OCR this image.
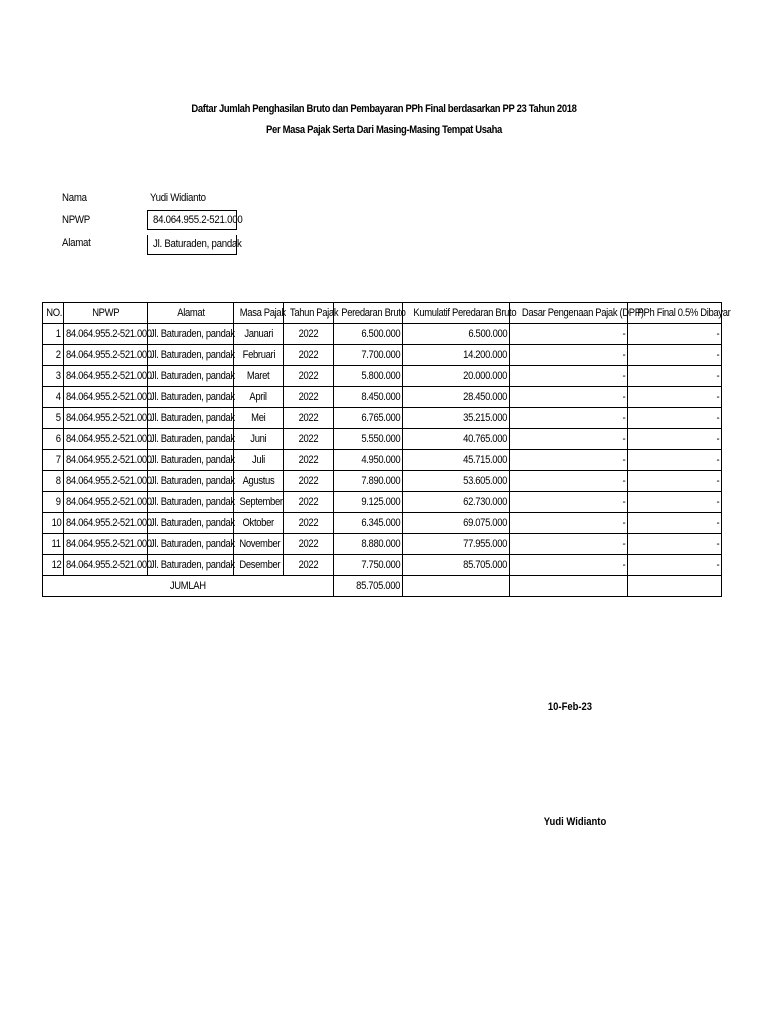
Daftar Jumlah Penghasilan Bruto dan Pembayaran PPh Final berdasarkan PP 23 Tahun 2018
Per Masa Pajak Serta Dari Masing-Masing Tempat Usaha
Nama	Yudi Widianto
NPWP	84.064.955.2-521.000
Alamat	Jl. Baturaden, pandak
NO.	NPWP	Alamat	Masa Pajak	Tahun Pajak	Peredaran Bruto	Kumulatif Peredaran Bruto	Dasar Pengenaan Pajak (DPP)	PPh Final 0.5% Dibayar
1	84.064.955.2-521.000	Jl. Baturaden, pandak	Januari	2022	6.500.000	6.500.000	-	-
2	84.064.955.2-521.000	Jl. Baturaden, pandak	Februari	2022	7.700.000	14.200.000	-	-
3	84.064.955.2-521.000	Jl. Baturaden, pandak	Maret	2022	5.800.000	20.000.000	-	-
4	84.064.955.2-521.000	Jl. Baturaden, pandak	April	2022	8.450.000	28.450.000	-	-
5	84.064.955.2-521.000	Jl. Baturaden, pandak	Mei	2022	6.765.000	35.215.000	-	-
6	84.064.955.2-521.000	Jl. Baturaden, pandak	Juni	2022	5.550.000	40.765.000	-	-
7	84.064.955.2-521.000	Jl. Baturaden, pandak	Juli	2022	4.950.000	45.715.000	-	-
8	84.064.955.2-521.000	Jl. Baturaden, pandak	Agustus	2022	7.890.000	53.605.000	-	-
9	84.064.955.2-521.000	Jl. Baturaden, pandak	September	2022	9.125.000	62.730.000	-	-
10	84.064.955.2-521.000	Jl. Baturaden, pandak	Oktober	2022	6.345.000	69.075.000	-	-
11	84.064.955.2-521.000	Jl. Baturaden, pandak	November	2022	8.880.000	77.955.000	-	-
12	84.064.955.2-521.000	Jl. Baturaden, pandak	Desember	2022	7.750.000	85.705.000	-	-
JUMLAH					85.705.000			
10-Feb-23
Yudi Widianto
